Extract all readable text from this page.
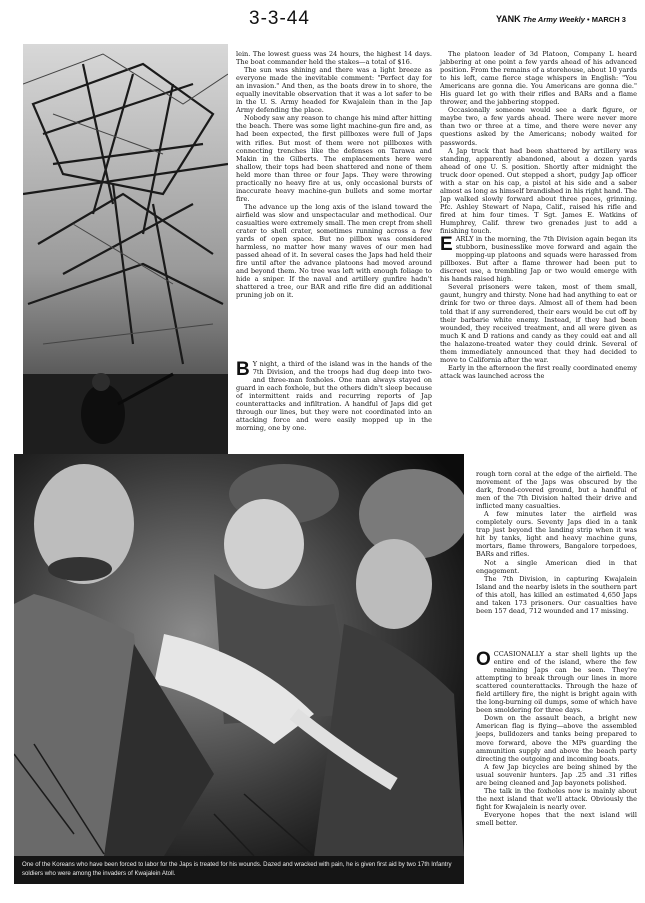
3-3-44	YANK The Army Weekly • MARCH 3
One of the Koreans who have been forced to labor for the Japs is treated for his wounds. Dazed and wracked with pain, he is given first aid by two 17th Infantry soldiers who were among the invaders of Kwajalein Atoll.

lein. The lowest guess was 24 hours, the highest 14 days. The boat commander held the stakes—a total of $16.

The sun was shining and there was a light breeze as everyone made the inevitable comment: "Perfect day for an invasion." And then, as the boats drew in to shore, the equally inevitable observation that it was a lot safer to be in the U. S. Army headed for Kwajalein than in the Jap Army defending the place.

Nobody saw any reason to change his mind after hitting the beach. There was some light machine-gun fire and, as had been expected, the first pillboxes were full of Japs with rifles. But most of them were not pillboxes with connecting trenches like the defenses on Tarawa and Makin in the Gilberts. The emplacements here were shallow, their tops had been shattered and none of them held more than three or four Japs. They were throwing practically no heavy fire at us, only occasional bursts of inaccurate heavy machine-gun bullets and some mortar fire.

The advance up the long axis of the island toward the airfield was slow and unspectacular and methodical. Our casualties were extremely small. The men crept from shell crater to shell crater, sometimes running across a few yards of open space. But no pillbox was considered harmless, no matter how many waves of our men had passed ahead of it. In several cases the Japs had held their fire until after the advance platoons had moved around and beyond them. No tree was left with enough foliage to hide a sniper. If the naval and artillery gunfire hadn't shattered a tree, our BAR and rifle fire did an additional pruning job on it.

B Y night, a third of the island was in the hands of the 7th Division, and the troops had dug deep into two- and three-man foxholes. One man always stayed on guard in each foxhole, but the others didn't sleep because of intermittent raids and recurring reports of Jap counterattacks and infiltration. A handful of Japs did get through our lines, but they were not coordinated into an attacking force and were easily mopped up in the morning, one by one.

The platoon leader of 3d Platoon, Company L heard jabbering at one point a few yards ahead of his advanced position. From the remains of a storehouse, about 10 yards to his left, came fierce stage whispers in English: "You Americans are gonna die. You Americans are gonna die." His guard let go with their rifles and BARs and a flame thrower, and the jabbering stopped.

Occasionally someone would see a dark figure, or maybe two, a few yards ahead. There were never more than two or three at a time, and there were never any questions asked by the Americans; nobody waited for passwords.

A Jap truck that had been shattered by artillery was standing, apparently abandoned, about a dozen yards ahead of one U. S. position. Shortly after midnight the truck door opened. Out stepped a short, pudgy Jap officer with a star on his cap, a pistol at his side and a saber almost as long as himself brandished in his right hand. The Jap walked slowly forward about three paces, grinning. Pfc. Ashley Stewart of Napa, Calif., raised his rifle and fired at him four times. T Sgt. James E. Watkins of Humphrey, Calif. threw two grenades just to add a finishing touch.

EARLY in the morning, the 7th Division again began its stubborn, businesslike move forward and again the mopping-up platoons and squads were harassed from pillboxes. But after a flame thrower had been put to discreet use, a trembling Jap or two would emerge with his hands raised high.

Several prisoners were taken, most of them small, gaunt, hungry and thirsty. None had had anything to eat or drink for two or three days. Almost all of them had been told that if any surrendered, their ears would be cut off by their barbarie white enemy. Instead, if they had been wounded, they received treatment, and all were given as much K and D rations and candy as they could eat and all the halazone-treated water they could drink. Several of them immediately announced that they had decided to move to California after the war.

Early in the afternoon the first really coordinated enemy attack was launched across the

rough torn coral at the edge of the airfield. The movement of the Japs was obscured by the dark, frond-covered ground, but a handful of men of the 7th Division halted their drive and inflicted many casualties.

A few minutes later the airfield was completely ours. Seventy Japs died in a tank trap just beyond the landing strip when it was hit by tanks, light and heavy machine guns, mortars, flame throwers, Bangalore torpedoes, BARs and rifles.

Not a single American died in that engagement.

The 7th Division, in capturing Kwajalein Island and the nearby islets in the southern part of this atoll, has killed an estimated 4,650 Japs and taken 173 prisoners. Our casualties have been 157 dead, 712 wounded and 17 missing.

OCCASIONALLY a star shell lights up the entire end of the island, where the few remaining Japs can be seen. They're attempting to break through our lines in more scattered counterattacks. Through the haze of field artillery fire, the night is bright again with the long-burning oil dumps, some of which have been smoldering for three days.

Down on the assault beach, a bright new American flag is flying—above the assembled jeeps, bulldozers and tanks being prepared to move forward, above the MPs guarding the ammunition supply and above the beach party directing the outgoing and incoming boats.

A few Jap bicycles are being shined by the usual souvenir hunters. Jap .25 and .31 rifles are being cleaned and Jap bayonets polished.

The talk in the foxholes now is mainly about the next island that we'll attack. Obviously the fight for Kwajalein is nearly over.

Everyone hopes that the next island will smell better.
